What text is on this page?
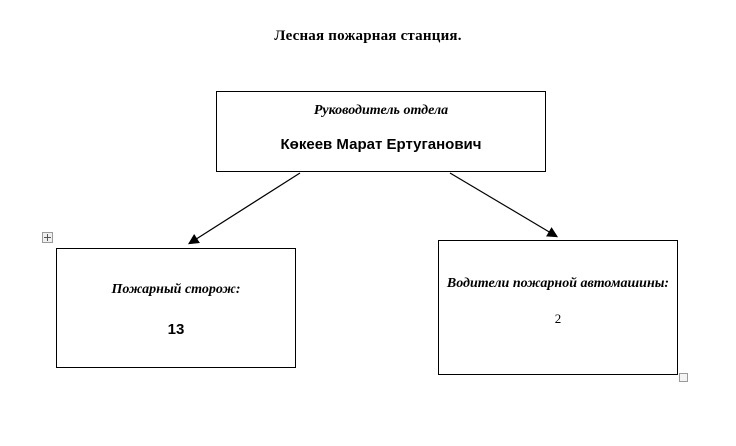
Лесная пожарная станция.
Руководитель отдела
Көкеев Марат Ертуганович
Пожарный сторож:
13
Водители пожарной автомашины:
2
